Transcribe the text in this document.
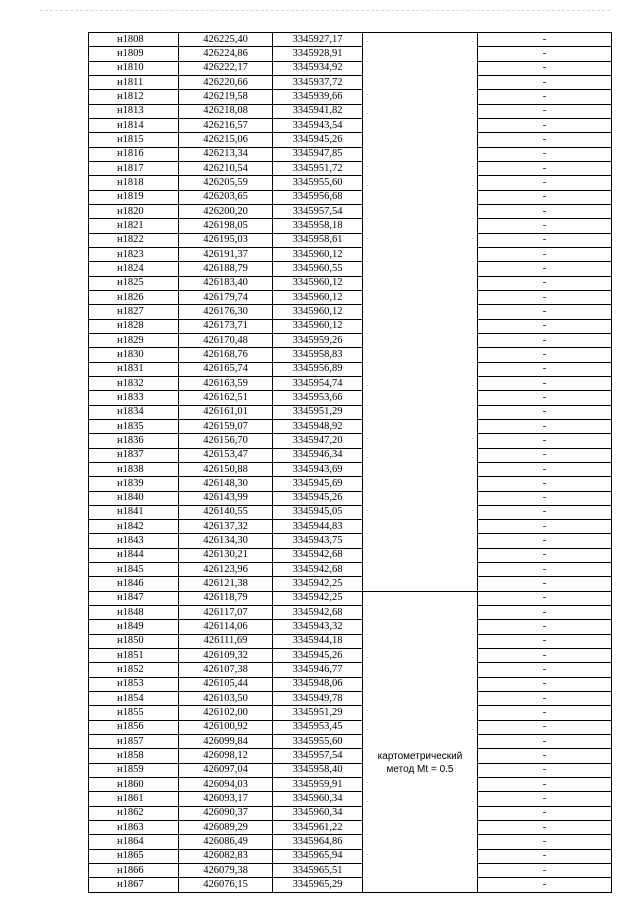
н1808	426225,40	3345927,17		-
н1809	426224,86	3345928,91		-
н1810	426222,17	3345934,92		-
н1811	426220,66	3345937,72		-
н1812	426219,58	3345939,66		-
н1813	426218,08	3345941,82		-
н1814	426216,57	3345943,54		-
н1815	426215,06	3345945,26		-
н1816	426213,34	3345947,85		-
н1817	426210,54	3345951,72		-
н1818	426205,59	3345955,60		-
н1819	426203,65	3345956,68		-
н1820	426200,20	3345957,54		-
н1821	426198,05	3345958,18		-
н1822	426195,03	3345958,61		-
н1823	426191,37	3345960,12		-
н1824	426188,79	3345960,55		-
н1825	426183,40	3345960,12		-
н1826	426179,74	3345960,12		-
н1827	426176,30	3345960,12		-
н1828	426173,71	3345960,12		-
н1829	426170,48	3345959,26		-
н1830	426168,76	3345958,83		-
н1831	426165,74	3345956,89		-
н1832	426163,59	3345954,74		-
н1833	426162,51	3345953,66		-
н1834	426161,01	3345951,29		-
н1835	426159,07	3345948,92		-
н1836	426156,70	3345947,20		-
н1837	426153,47	3345946,34		-
н1838	426150,88	3345943,69		-
н1839	426148,30	3345945,69		-
н1840	426143,99	3345945,26		-
н1841	426140,55	3345945,05		-
н1842	426137,32	3345944,83		-
н1843	426134,30	3345943,75		-
н1844	426130,21	3345942,68		-
н1845	426123,96	3345942,68		-
н1846	426121,38	3345942,25		-
н1847	426118,79	3345942,25		-
н1848	426117,07	3345942,68		-
н1849	426114,06	3345943,32		-
н1850	426111,69	3345944,18		-
н1851	426109,32	3345945,26		-
н1852	426107,38	3345946,77		-
н1853	426105,44	3345948,06		-
н1854	426103,50	3345949,78		-
н1855	426102,00	3345951,29		-
н1856	426100,92	3345953,45		-
н1857	426099,84	3345955,60		-
н1858	426098,12	3345957,54	картометрический
метод Mt = 0.5	-
н1859	426097,04	3345958,40		-
н1860	426094,03	3345959,91		-
н1861	426093,17	3345960,34		-
н1862	426090,37	3345960,34		-
н1863	426089,29	3345961,22		-
н1864	426086,49	3345964,86		-
н1865	426082,83	3345965,94		-
н1866	426079,38	3345965,51		-
н1867	426076,15	3345965,29		-
